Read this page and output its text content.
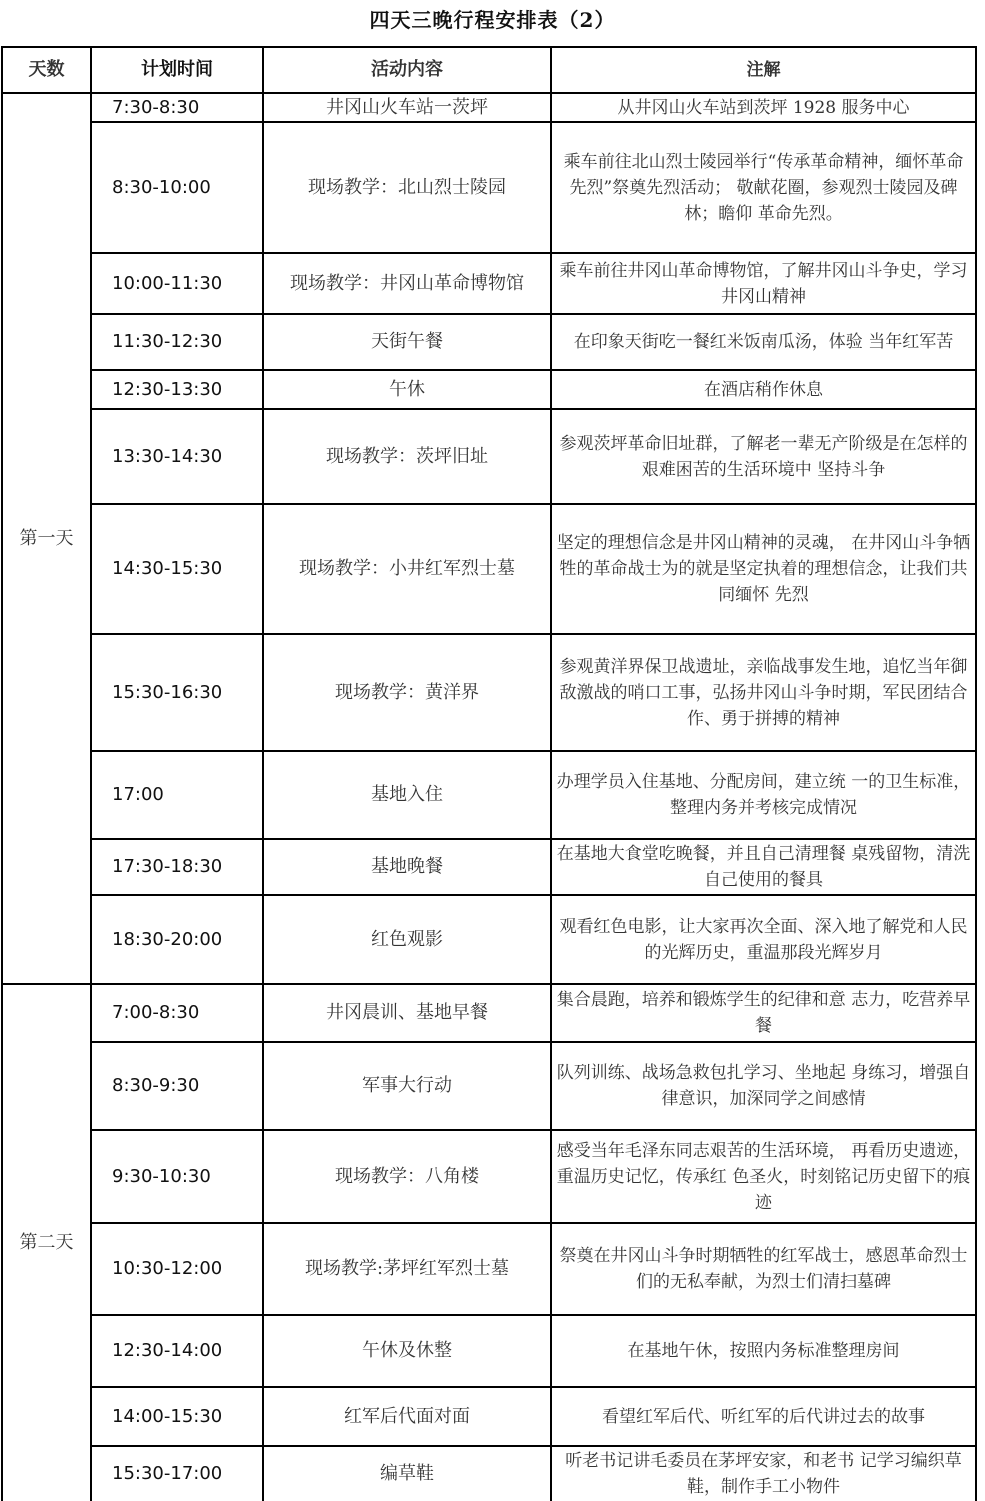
四天三晚行程安排表（2）
天数	计划时间	活动内容	注解
第一天	7:30-8:30	井冈山火车站一茨坪	从井冈山火车站到茨坪 1928 服务中心
	8:30-10:00	现场教学：北山烈士陵园	乘车前往北山烈士陵园举行“传承革命精神，缅怀革命先烈”祭奠先烈活动； 敬献花圈，参观烈士陵园及碑林；瞻仰 革命先烈。
	10:00-11:30	现场教学：井冈山革命博物馆	乘车前往井冈山革命博物馆，了解井冈山斗争史，学习井冈山精神
	11:30-12:30	天街午餐	在印象天街吃一餐红米饭南瓜汤，体验 当年红军苦
	12:30-13:30	午休	在酒店稍作休息
	13:30-14:30	现场教学：茨坪旧址	参观茨坪革命旧址群，了解老一辈无产阶级是在怎样的艰难困苦的生活环境中 坚持斗争
	14:30-15:30	现场教学：小井红军烈士墓	坚定的理想信念是井冈山精神的灵魂， 在井冈山斗争牺牲的革命战士为的就是坚定执着的理想信念，让我们共同缅怀 先烈
	15:30-16:30	现场教学：黄洋界	参观黄洋界保卫战遗址，亲临战事发生地，追忆当年御敌激战的哨口工事，弘扬井冈山斗争时期，军民团结合作、勇于拼搏的精神
	17:00	基地入住	办理学员入住基地、分配房间，建立统 一的卫生标准，整理内务并考核完成情况
	17:30-18:30	基地晚餐	在基地大食堂吃晚餐，并且自己清理餐 桌残留物，清洗自己使用的餐具
	18:30-20:00	红色观影	观看红色电影，让大家再次全面、深入地了解党和人民的光辉历史，重温那段光辉岁月
第二天	7:00-8:30	井冈晨训、基地早餐	集合晨跑，培养和锻炼学生的纪律和意 志力，吃营养早餐
	8:30-9:30	军事大行动	队列训练、战场急救包扎学习、坐地起 身练习，增强自律意识，加深同学之间感情
	9:30-10:30	现场教学：八角楼	感受当年毛泽东同志艰苦的生活环境， 再看历史遗迹，重温历史记忆，传承红 色圣火，时刻铭记历史留下的痕迹
	10:30-12:00	现场教学:茅坪红军烈士墓	祭奠在井冈山斗争时期牺牲的红军战士，感恩革命烈士们的无私奉献，为烈士们清扫墓碑
	12:30-14:00	午休及休整	在基地午休，按照内务标准整理房间
	14:00-15:30	红军后代面对面	看望红军后代、听红军的后代讲过去的故事
	15:30-17:00	编草鞋	听老书记讲毛委员在茅坪安家，和老书 记学习编织草鞋，制作手工小物件
